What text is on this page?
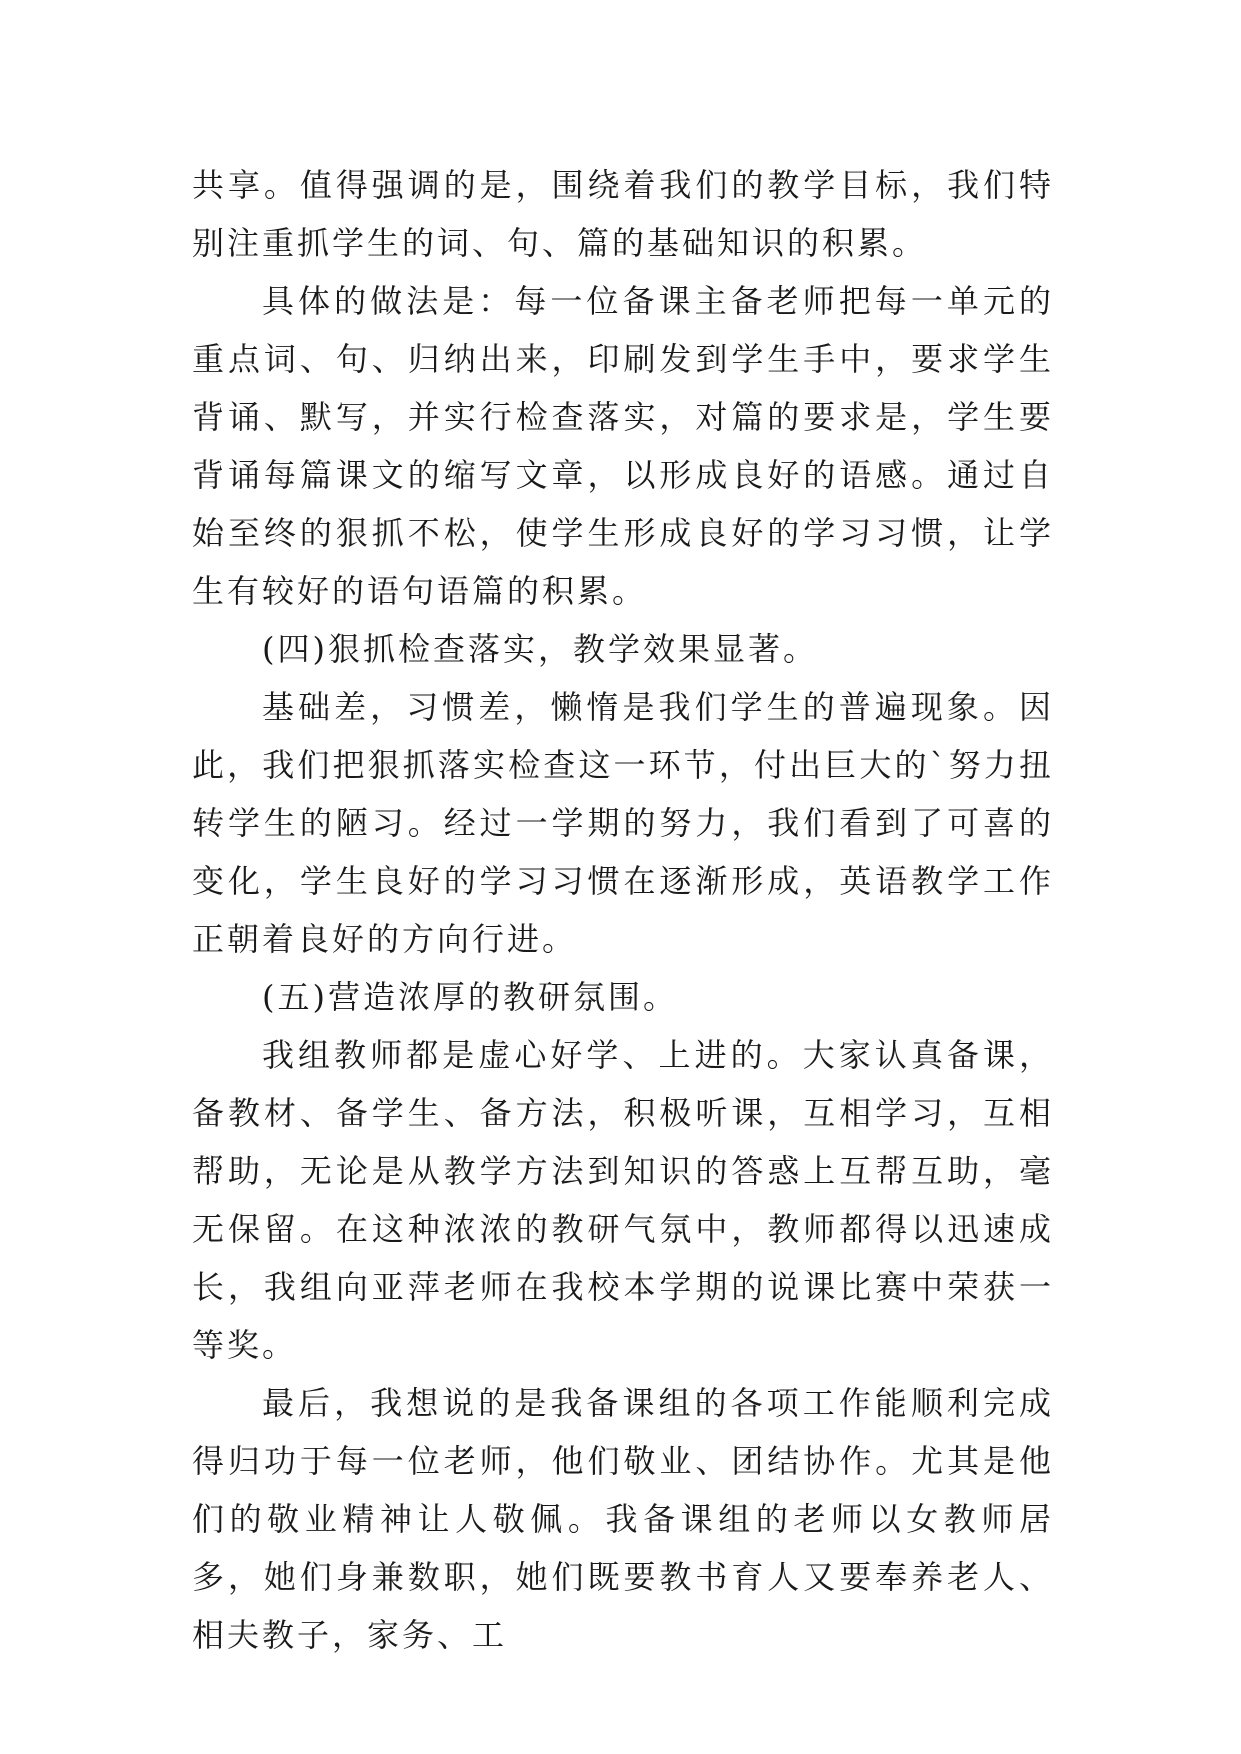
共享。值得强调的是，围绕着我们的教学目标，我们特别注重抓学生的词、句、篇的基础知识的积累。

具体的做法是：每一位备课主备老师把每一单元的重点词、句、归纳出来，印刷发到学生手中，要求学生背诵、默写，并实行检查落实，对篇的要求是，学生要背诵每篇课文的缩写文章，以形成良好的语感。通过自始至终的狠抓不松，使学生形成良好的学习习惯，让学生有较好的语句语篇的积累。

(四)狠抓检查落实，教学效果显著。

基础差，习惯差，懒惰是我们学生的普遍现象。因此，我们把狠抓落实检查这一环节，付出巨大的`努力扭转学生的陋习。经过一学期的努力，我们看到了可喜的变化，学生良好的学习习惯在逐渐形成，英语教学工作正朝着良好的方向行进。

(五)营造浓厚的教研氛围。

我组教师都是虚心好学、上进的。大家认真备课，备教材、备学生、备方法，积极听课，互相学习，互相帮助，无论是从教学方法到知识的答惑上互帮互助，毫无保留。在这种浓浓的教研气氛中，教师都得以迅速成长，我组向亚萍老师在我校本学期的说课比赛中荣获一等奖。

最后，我想说的是我备课组的各项工作能顺利完成得归功于每一位老师，他们敬业、团结协作。尤其是他们的敬业精神让人敬佩。我备课组的老师以女教师居多，她们身兼数职，她们既要教书育人又要奉养老人、相夫教子，家务、工
